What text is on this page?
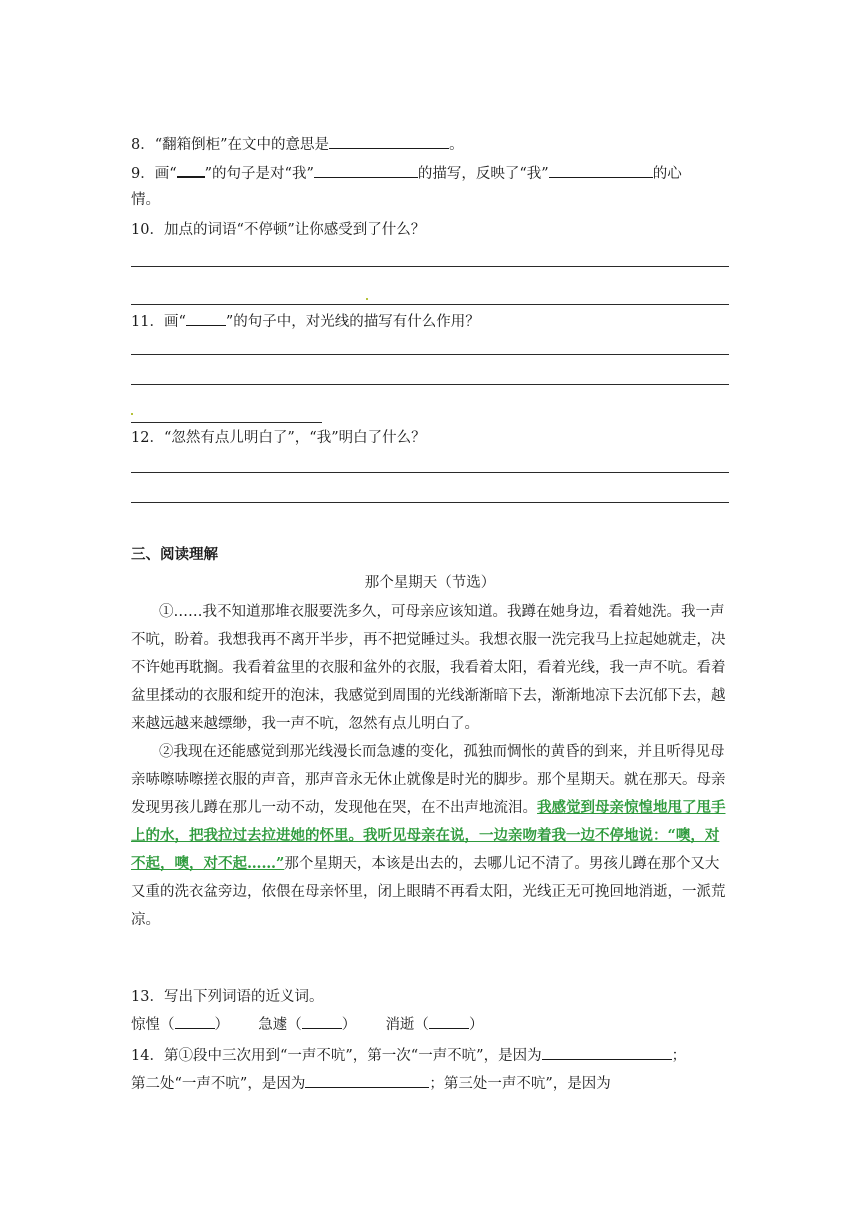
8．“翻箱倒柜”在文中的意思是	。
9．画“ ”的句子是对“我”	的描写，反映了“我”	的心
情。
10．加点的词语“不停顿”让你感受到了什么？
11．画“	”的句子中，对光线的描写有什么作用？
12．“忽然有点儿明白了”，“我”明白了什么？
三、阅读理解
那个星期天（节选）
①……我不知道那堆衣服要洗多久，可母亲应该知道。我蹲在她身边，看着她洗。我一声不吭，盼着。我想我再不离开半步，再不把觉睡过头。我想衣服一洗完我马上拉起她就走，决不许她再耽搁。我看着盆里的衣服和盆外的衣服，我看着太阳，看着光线，我一声不吭。看着盆里揉动的衣服和绽开的泡沫，我感觉到周围的光线渐渐暗下去，渐渐地凉下去沉郁下去，越来越远越来越缥缈，我一声不吭，忽然有点儿明白了。
②我现在还能感觉到那光线漫长而急遽的变化，孤独而惆怅的黄昏的到来，并且听得见母亲哧嚓哧嚓搓衣服的声音，那声音永无休止就像是时光的脚步。那个星期天。就在那天。母亲发现男孩儿蹲在那儿一动不动，发现他在哭，在不出声地流泪。我感觉到母亲惊惶地甩了甩手上的水，把我拉过去拉进她的怀里。我听见母亲在说，一边亲吻着我一边不停地说：“噢，对不起，噢，对不起……”那个星期天，本该是出去的，去哪儿记不清了。男孩儿蹲在那个又大又重的洗衣盆旁边，依偎在母亲怀里，闭上眼睛不再看太阳，光线正无可挽回地消逝，一派荒凉。
13．写出下列词语的近义词。
惊惶（	） 急遽（	） 消逝（	）
14．第①段中三次用到“一声不吭”，第一次“一声不吭”，是因为	；
第二处“一声不吭”，是因为	；第三处一声不吭”，是因为
